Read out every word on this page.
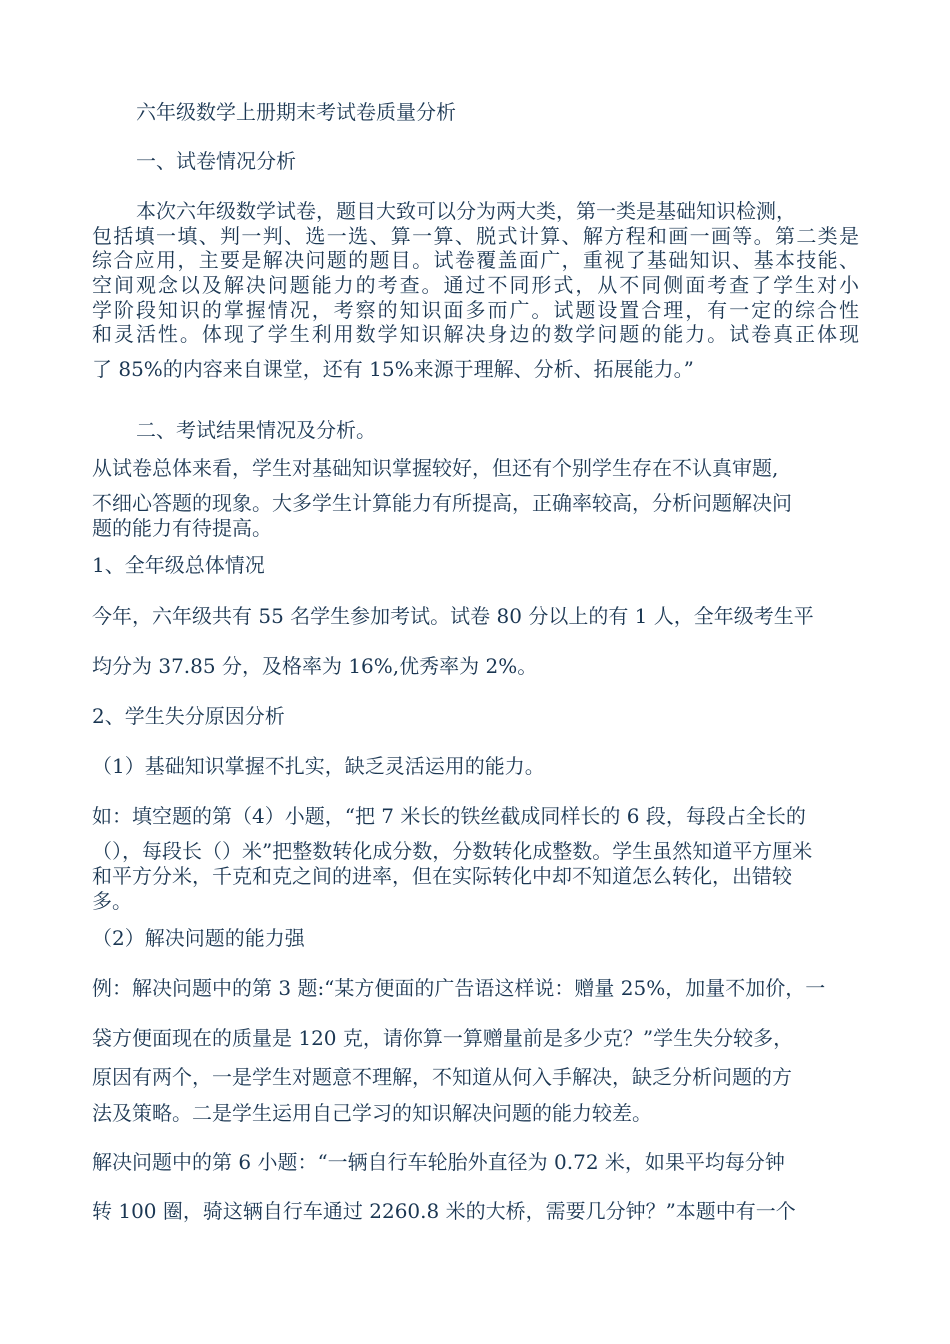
六年级数学上册期末考试卷质量分析
一、试卷情况分析
本次六年级数学试卷，题目大致可以分为两大类，第一类是基础知识检测，
包括填一填、判一判、选一选、算一算、脱式计算、解方程和画一画等。第二类是
综合应用，主要是解决问题的题目。试卷覆盖面广，重视了基础知识、基本技能、
空间观念以及解决问题能力的考查。通过不同形式，从不同侧面考查了学生对小
学阶段知识的掌握情况，考察的知识面多而广。试题设置合理，有一定的综合性
和灵活性。体现了学生利用数学知识解决身边的数学问题的能力。试卷真正体现
了 85%的内容来自课堂，还有 15%来源于理解、分析、拓展能力。”
二、考试结果情况及分析。
从试卷总体来看，学生对基础知识掌握较好，但还有个别学生存在不认真审题,
不细心答题的现象。大多学生计算能力有所提高，正确率较高，分析问题解决问
题的能力有待提高。
1、全年级总体情况
今年，六年级共有 55 名学生参加考试。试卷 80 分以上的有 1 人，全年级考生平
均分为 37.85 分，及格率为 16%,优秀率为 2%。
2、学生失分原因分析
（1）基础知识掌握不扎实，缺乏灵活运用的能力。
如：填空题的第（4）小题，“把 7 米长的铁丝截成同样长的 6 段，每段占全长的
（），每段长（）米”把整数转化成分数，分数转化成整数。学生虽然知道平方厘米
和平方分米，千克和克之间的进率，但在实际转化中却不知道怎么转化，出错较
多。
（2）解决问题的能力强
例：解决问题中的第 3 题:“某方便面的广告语这样说：赠量 25%，加量不加价，一
袋方便面现在的质量是 120 克，请你算一算赠量前是多少克？”学生失分较多，
原因有两个，一是学生对题意不理解，不知道从何入手解决，缺乏分析问题的方
法及策略。二是学生运用自己学习的知识解决问题的能力较差。
解决问题中的第 6 小题：“一辆自行车轮胎外直径为 0.72 米，如果平均每分钟
转 100 圈，骑这辆自行车通过 2260.8 米的大桥，需要几分钟？”本题中有一个
